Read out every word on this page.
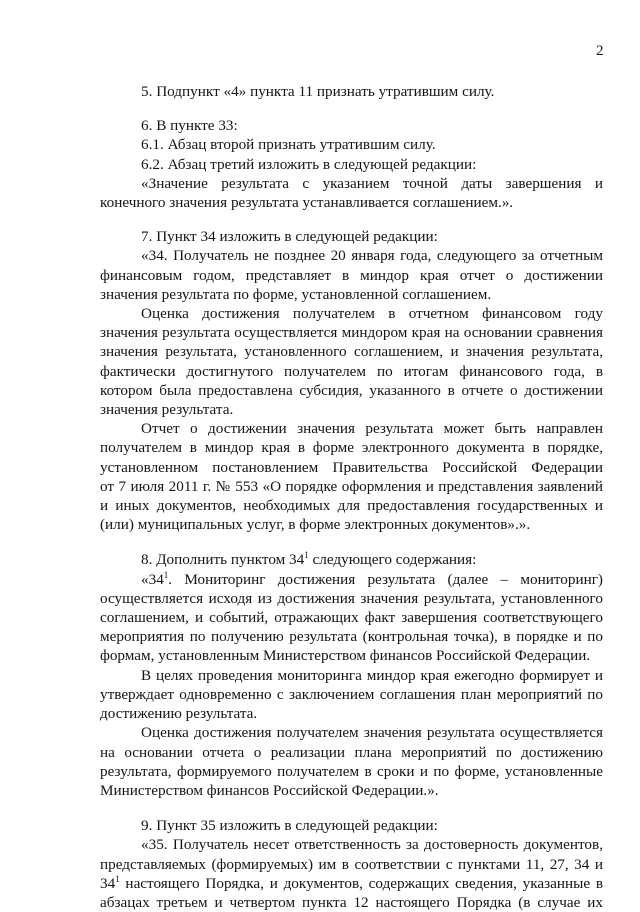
2

5. Подпункт «4» пункта 11 признать утратившим силу.

6. В пункте 33:

6.1. Абзац второй признать утратившим силу.

6.2. Абзац третий изложить в следующей редакции:

«Значение результата с указанием точной даты завершения и конечного значения результата устанавливается соглашением.».

7. Пункт 34 изложить в следующей редакции:

«34. Получатель не позднее 20 января года, следующего за отчетным финансовым годом, представляет в миндор края отчет о достижении значения результата по форме, установленной соглашением.

Оценка достижения получателем в отчетном финансовом году значения результата осуществляется миндором края на основании сравнения значения результата, установленного соглашением, и значения результата, фактически достигнутого получателем по итогам финансового года, в котором была предоставлена субсидия, указанного в отчете о достижении значения результата.

Отчет о достижении значения результата может быть направлен получателем в миндор края в форме электронного документа в порядке, установленном постановлением Правительства Российской Федерации

от 7 июля 2011 г. № 553 «О порядке оформления и представления заявлений и иных документов, необходимых для предоставления государственных и (или) муниципальных услуг, в форме электронных документов».».

8. Дополнить пунктом $34^1$ следующего содержания:

«$34^1$. Мониторинг достижения результата (далее – мониторинг) осуществляется исходя из достижения значения результата, установленного соглашением, и событий, отражающих факт завершения соответствующего мероприятия по получению результата (контрольная точка), в порядке и по формам, установленным Министерством финансов Российской Федерации.

В целях проведения мониторинга миндор края ежегодно формирует и утверждает одновременно с заключением соглашения план мероприятий по достижению результата.

Оценка достижения получателем значения результата осуществляется на основании отчета о реализации плана мероприятий по достижению результата, формируемого получателем в сроки и по форме, установленные Министерством финансов Российской Федерации.».

9. Пункт 35 изложить в следующей редакции:

«35. Получатель несет ответственность за достоверность документов, представляемых (формируемых) им в соответствии с пунктами 11, 27, 34 и $34^1$ настоящего Порядка, и документов, содержащих сведения, указанные в абзацах третьем и четвертом пункта 12 настоящего Порядка (в случае их
